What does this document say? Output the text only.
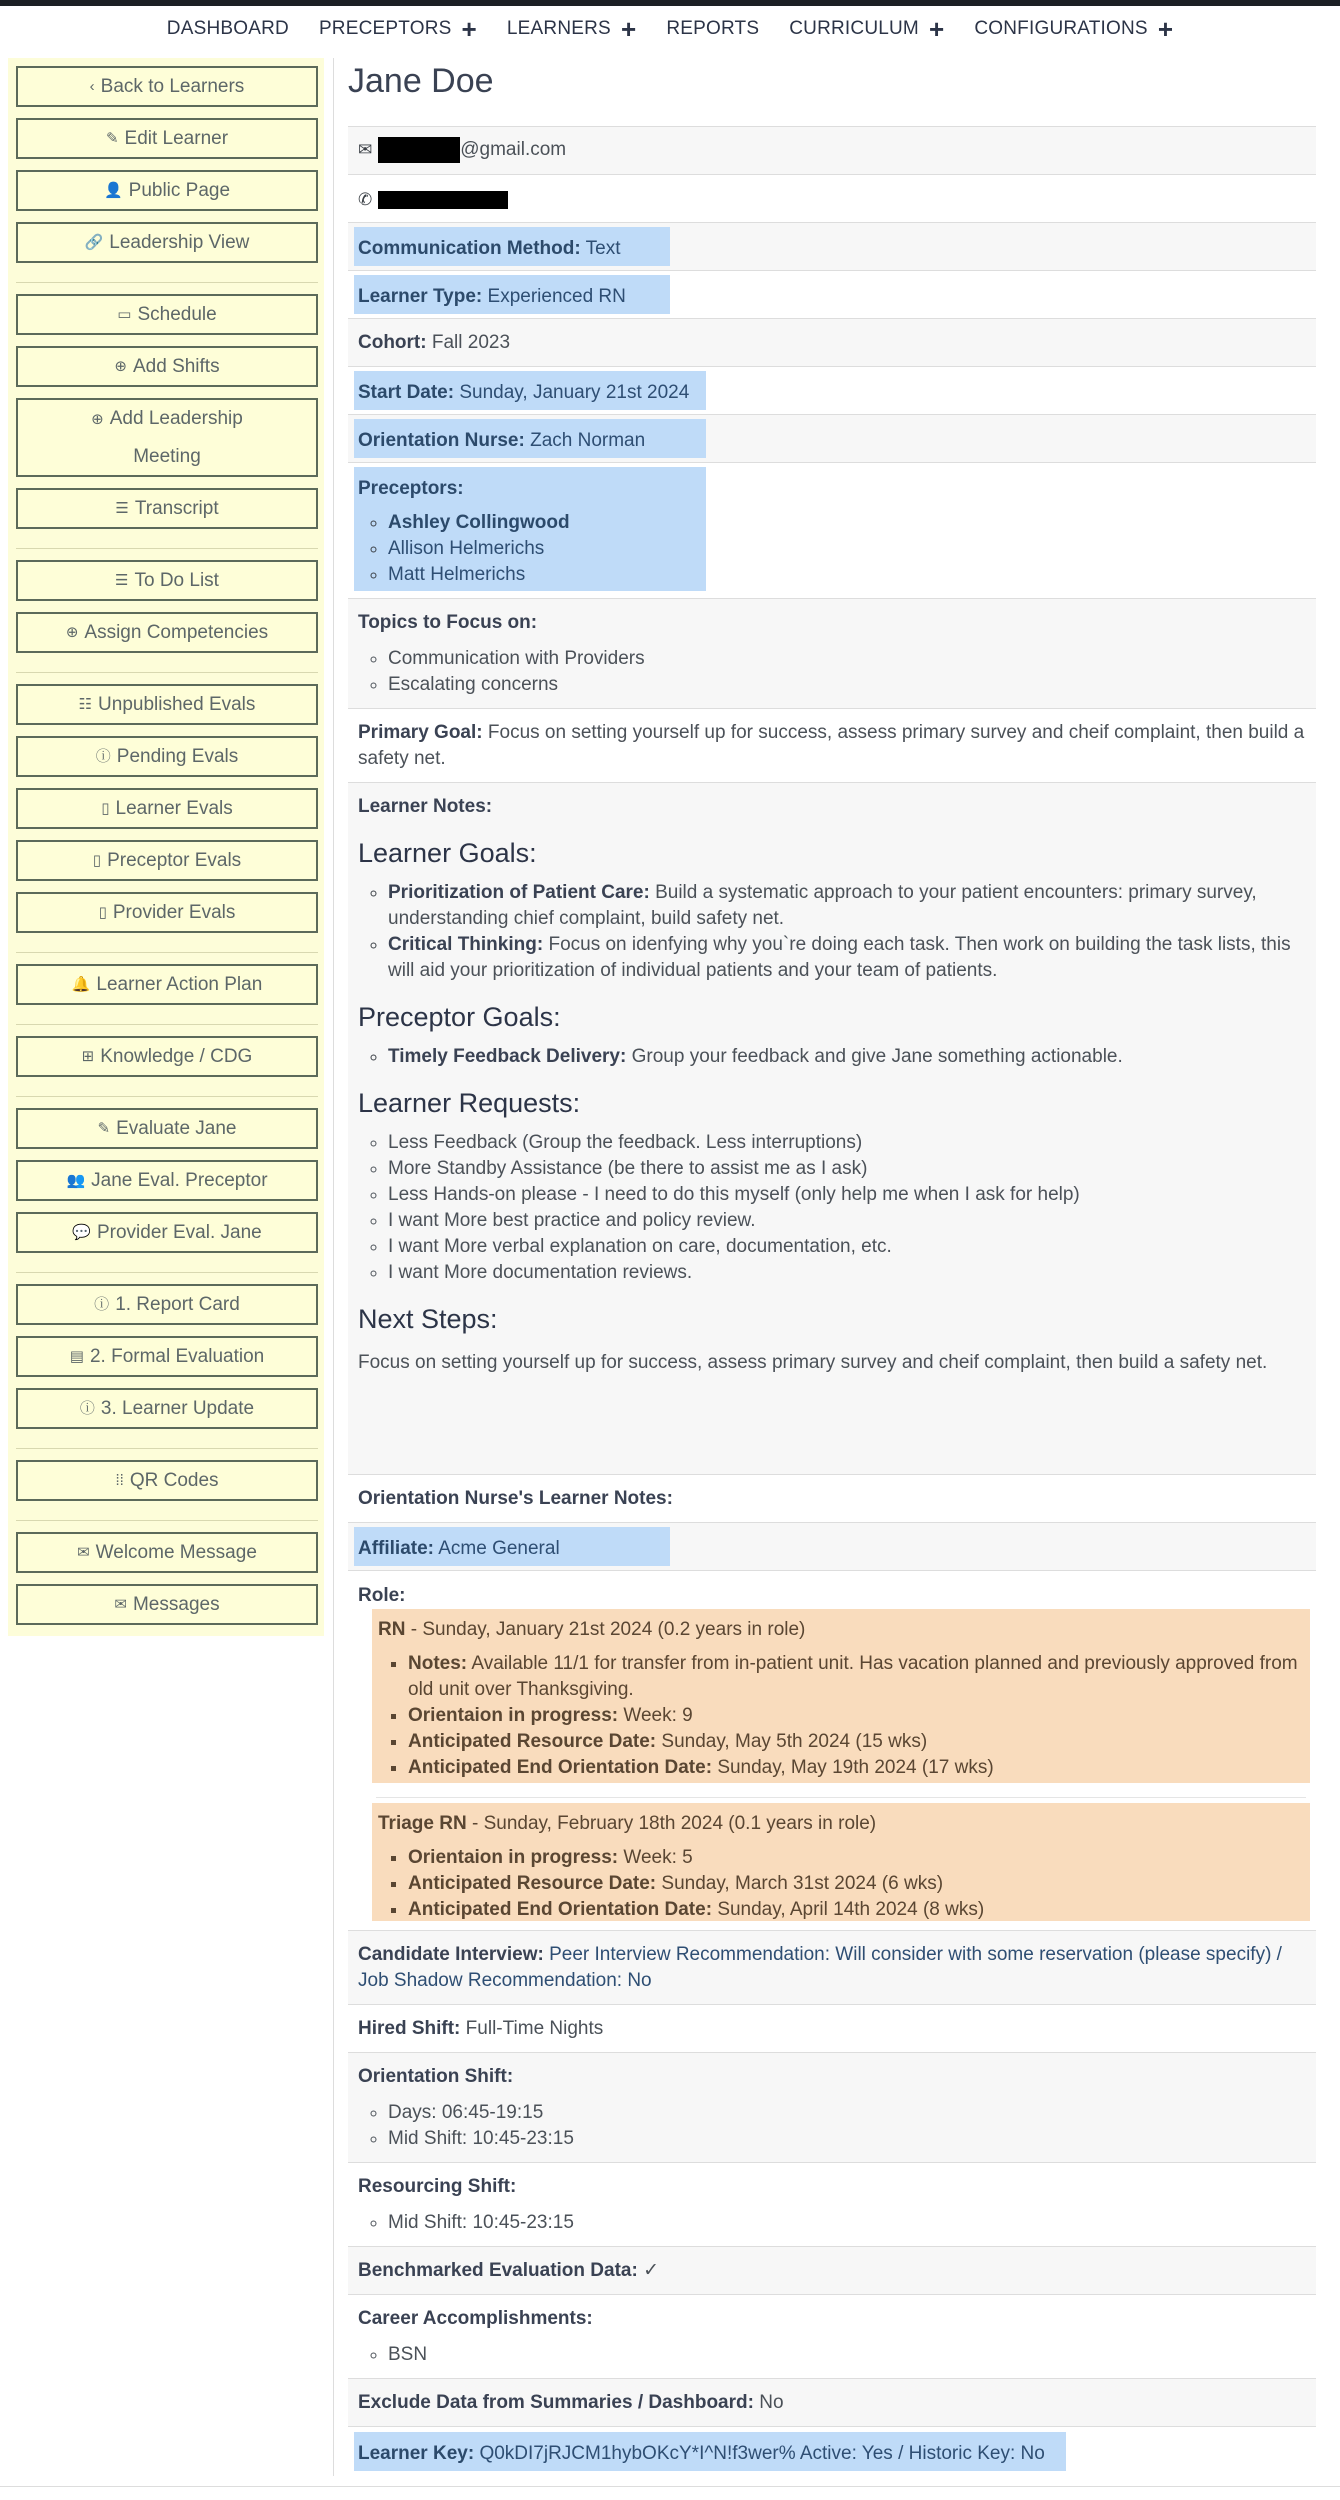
DASHBOARD PRECEPTORS + LEARNERS + REPORTS CURRICULUM + CONFIGURATIONS +
‹ Back to Learners
✎ Edit Learner
👤 Public Page
🔗 Leadership View
▭ Schedule
⊕ Add Shifts
⊕ Add Leadership
Meeting
☰ Transcript
☰ To Do List
⊕ Assign Competencies
☷ Unpublished Evals
ⓘ Pending Evals
▯ Learner Evals
▯ Preceptor Evals
▯ Provider Evals
🔔 Learner Action Plan
⊞ Knowledge / CDG
✎ Evaluate Jane
👥 Jane Eval. Preceptor
💬 Provider Eval. Jane
ⓘ 1. Report Card
▤ 2. Formal Evaluation
ⓘ 3. Learner Update
⁞⁞ QR Codes
✉ Welcome Message
✉ Messages
Jane Doe
✉	@gmail.com
✆
Communication Method: Text
Learner Type: Experienced RN
Cohort: Fall 2023
Start Date: Sunday, January 21st 2024
Orientation Nurse: Zach Norman
Preceptors:
◦ Ashley Collingwood
◦ Allison Helmerichs
◦ Matt Helmerichs
Topics to Focus on:
◦ Communication with Providers
◦ Escalating concerns
Primary Goal: Focus on setting yourself up for success, assess primary survey and cheif complaint, then build a safety net.
Learner Notes:
Learner Goals:
◦ Prioritization of Patient Care: Build a systematic approach to your patient encounters: primary survey, understanding chief complaint, build safety net.
◦ Critical Thinking: Focus on idenfying why you`re doing each task. Then work on building the task lists, this will aid your prioritization of individual patients and your team of patients.
Preceptor Goals:
◦ Timely Feedback Delivery: Group your feedback and give Jane something actionable.
Learner Requests:
◦ Less Feedback (Group the feedback. Less interruptions)
◦ More Standby Assistance (be there to assist me as I ask)
◦ Less Hands-on please - I need to do this myself (only help me when I ask for help)
◦ I want More best practice and policy review.
◦ I want More verbal explanation on care, documentation, etc.
◦ I want More documentation reviews.
Next Steps:
Focus on setting yourself up for success, assess primary survey and cheif complaint, then build a safety net.
Orientation Nurse's Learner Notes:
Affiliate: Acme General
Role:
RN - Sunday, January 21st 2024 (0.2 years in role)
▪ Notes: Available 11/1 for transfer from in-patient unit. Has vacation planned and previously approved from old unit over Thanksgiving.
▪ Orientaion in progress: Week: 9
▪ Anticipated Resource Date: Sunday, May 5th 2024 (15 wks)
▪ Anticipated End Orientation Date: Sunday, May 19th 2024 (17 wks)
Triage RN - Sunday, February 18th 2024 (0.1 years in role)
▪ Orientaion in progress: Week: 5
▪ Anticipated Resource Date: Sunday, March 31st 2024 (6 wks)
▪ Anticipated End Orientation Date: Sunday, April 14th 2024 (8 wks)
Candidate Interview: Peer Interview Recommendation: Will consider with some reservation (please specify) / Job Shadow Recommendation: No
Hired Shift: Full-Time Nights
Orientation Shift:
◦ Days: 06:45-19:15
◦ Mid Shift: 10:45-23:15
Resourcing Shift:
◦ Mid Shift: 10:45-23:15
Benchmarked Evaluation Data: ✓
Career Accomplishments:
◦ BSN
Exclude Data from Summaries / Dashboard: No
Learner Key: Q0kDI7jRJCM1hybOKcY*I^N!f3wer% Active: Yes / Historic Key: No
